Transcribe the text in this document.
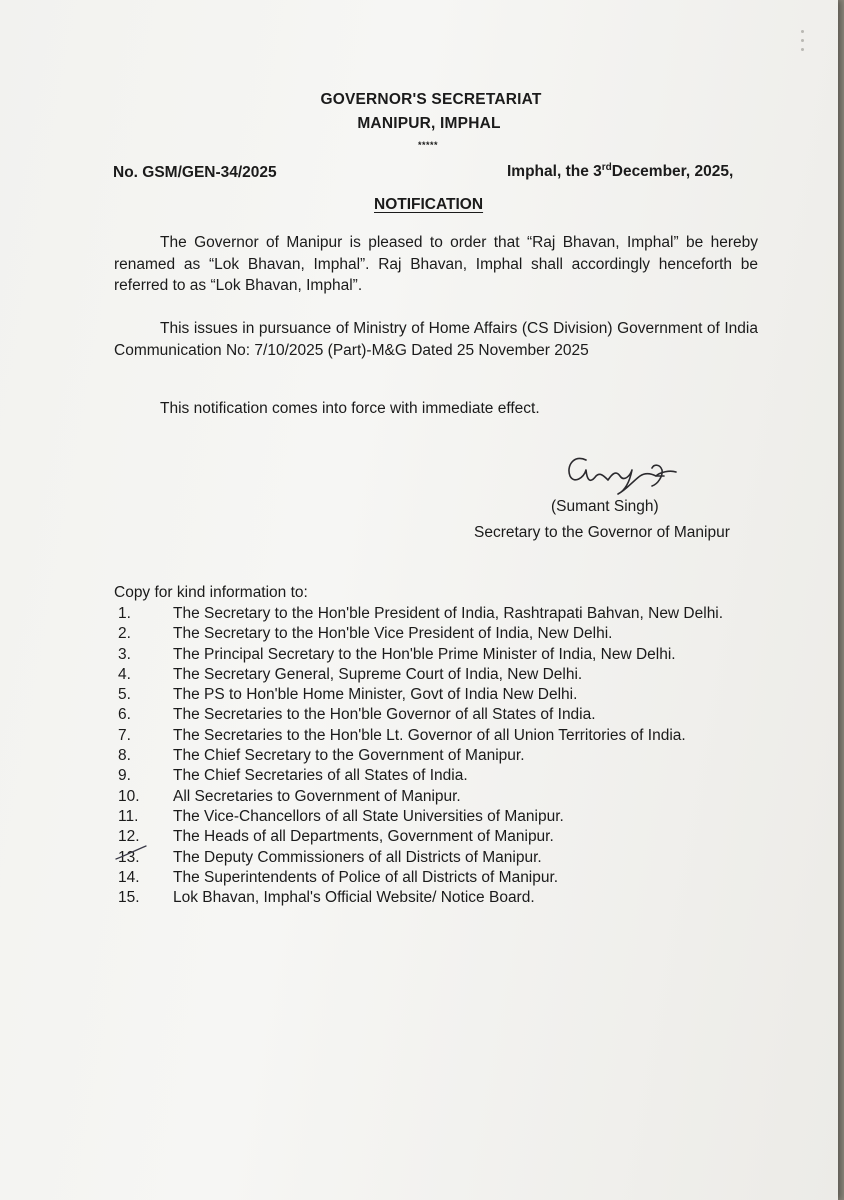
GOVERNOR'S SECRETARIAT
MANIPUR, IMPHAL
*****
No. GSM/GEN-34/2025	Imphal, the 3rdDecember, 2025,
NOTIFICATION

The Governor of Manipur is pleased to order that “Raj Bhavan, Imphal” be hereby renamed as “Lok Bhavan, Imphal”. Raj Bhavan, Imphal shall accordingly henceforth be referred to as “Lok Bhavan, Imphal”.

This issues in pursuance of Ministry of Home Affairs (CS Division) Government of India Communication No: 7/10/2025 (Part)-M&G Dated 25 November 2025

This notification comes into force with immediate effect.

(Sumant Singh)
Secretary to the Governor of Manipur
Copy for kind information to:
1.	The Secretary to the Hon'ble President of India, Rashtrapati Bahvan, New Delhi.
2.	The Secretary to the Hon'ble Vice President of India, New Delhi.
3.	The Principal Secretary to the Hon'ble Prime Minister of India, New Delhi.
4.	The Secretary General, Supreme Court of India, New Delhi.
5.	The PS to Hon'ble Home Minister, Govt of India New Delhi.
6.	The Secretaries to the Hon'ble Governor of all States of India.
7.	The Secretaries to the Hon'ble Lt. Governor of all Union Territories of India.
8.	The Chief Secretary to the Government of Manipur.
9.	The Chief Secretaries of all States of India.
10. All Secretaries to Government of Manipur.
11. The Vice-Chancellors of all State Universities of Manipur.
12. The Heads of all Departments, Government of Manipur.
13. The Deputy Commissioners of all Districts of Manipur.
14. The Superintendents of Police of all Districts of Manipur.
15. Lok Bhavan, Imphal's Official Website/ Notice Board.
